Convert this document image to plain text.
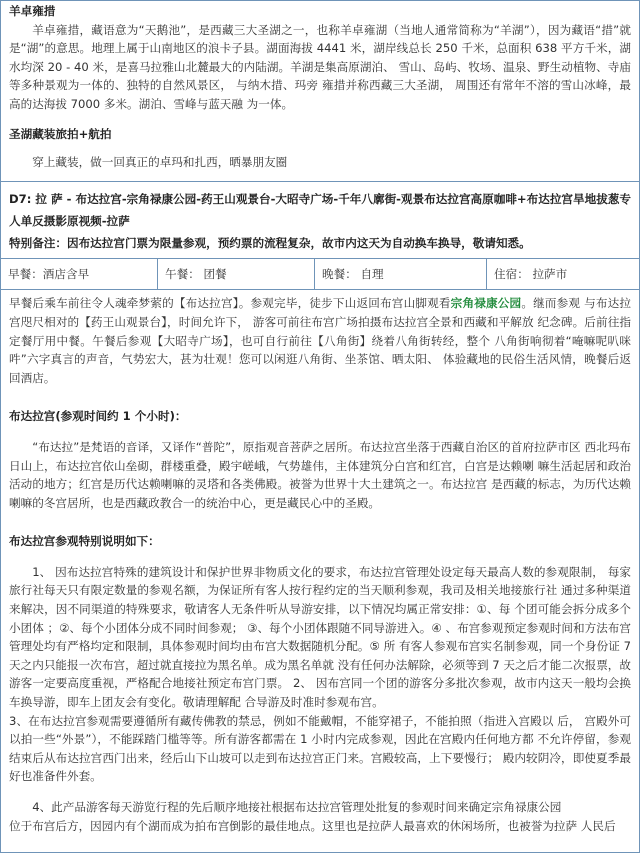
羊卓雍措

羊卓雍措，藏语意为“天鹅池”，是西藏三大圣湖之一，也称羊卓雍湖（当地人通常简称为“羊湖”），因为藏语“措”就是“湖”的意思。地理上属于山南地区的浪卡子县。湖面海拔 4441 米，湖岸线总长 250 千米，总面积 638 平方千米，湖水均深 20 - 40 米，是喜马拉雅山北麓最大的内陆湖。羊湖是集高原湖泊、 雪山、岛屿、牧场、温泉、野生动植物、寺庙等多种景观为一体的、独特的自然风景区， 与纳木措、玛旁 雍措并称西藏三大圣湖， 周围还有常年不溶的雪山冰峰，最高的达海拔 7000 多米。湖泊、雪峰与蓝天融 为一体。

圣湖藏装旅拍+航拍

穿上藏装，做一回真正的卓玛和扎西，晒暴朋友圈

D7: 拉 萨 - 布达拉宫-宗角禄康公园-药王山观景台-大昭寺广场-千年八廓街-观景布达拉宫高原咖啡+布达拉宫旱地拔葱专人单反摄影原视频-拉萨

特别备注：因布达拉宫门票为限量参观，预约票的流程复杂，故市内这天为自动换车换导，敬请知悉。

早餐：酒店含早	午餐： 团餐	晚餐： 自理	住宿： 拉萨市

早餐后乘车前往令人魂牵梦萦的【布达拉宫】。参观完毕，徒步下山返回布宫山脚观看宗角禄康公园。继而参观 与布达拉宫咫尺相对的【药王山观景台】，时间允许下， 游客可前往布宫广场拍摄布达拉宫全景和西藏和平解放 纪念碑。后前往指定餐厅用中餐。午餐后参观【大昭寺广场】，也可自行前往【八角街】绕着八角街转经，整个 八角街响彻着“唵嘛呢叭咪吽”六字真言的声音，气势宏大，甚为壮观！您可以闲逛八角街、坐茶馆、晒太阳、 体验藏地的民俗生活风情，晚餐后返回酒店。

布达拉宫(参观时间约 1 个小时)：

“布达拉”是梵语的音译，又译作“普陀”，原指观音菩萨之居所。布达拉宫坐落于西藏自治区的首府拉萨市区 西北玛布日山上，布达拉宫依山垒砌，群楼重叠，殿宇嵯峨，气势雄伟，主体建筑分白宫和红宫，白宫是达赖喇 嘛生活起居和政治活动的地方；红宫是历代达赖喇嘛的灵塔和各类佛殿。被誉为世界十大土建筑之一。布达拉宫 是西藏的标志，为历代达赖喇嘛的冬宫居所，也是西藏政教合一的统治中心，更是藏民心中的圣殿。

布达拉宫参观特别说明如下：

1、 因布达拉宫特殊的建筑设计和保护世界非物质文化的要求，布达拉宫管理处设定每天最高人数的参观限制， 每家旅行社每天只有限定数量的参观名额，为保证所有客人按行程约定的当天顺利参观，我司及相关地接旅行社 通过多种渠道来解决，因不同渠道的特殊要求，敬请客人无条件听从导游安排，以下情况均属正常安排：①、每 个团可能会拆分成多个小团体 ；②、每个小团体分成不同时间参观； ③、每个小团体跟随不同导游进入。④ 、布宫参观预定参观时间和方法布宫管理处均有严格均定和限制，具体参观时间均由布宫大数据随机分配。⑤ 所 有客人参观布宫实名制参观，同一个身份证 7 天之内只能报一次布宫，超过就直接拉为黑名单。成为黑名单就 没有任何办法解除，必须等到 7 天之后才能二次报票，故游客一定要高度重视，严格配合地接社预定布宫门票。 2、 因布宫同一个团的游客分多批次参观，故市内这天一般均会换车换导游，即车上团友会有变化。敬请理解配 合导游及时准时参观布宫。

3、在布达拉宫参观需要遵循所有藏传佛教的禁忌，例如不能戴帽，不能穿裙子，不能拍照（指进入宫殿以 后， 宫殿外可以拍一些“外景”），不能踩踏门槛等等。所有游客都需在 1 小时内完成参观，因此在宫殿内任何地方都 不允许停留，参观结束后从布达拉宫西门出来，经后山下山坡可以走到布达拉宫正门来。宫殿较高，上下要慢行； 殿内较阴冷，即使夏季最好也准备件外套。

4、此产品游客每天游览行程的先后顺序地接社根据布达拉宫管理处批复的参观时间来确定宗角禄康公园

位于布宫后方，因园内有个湖而成为拍布宫倒影的最佳地点。这里也是拉萨人最喜欢的休闲场所，也被誉为拉萨 人民后
